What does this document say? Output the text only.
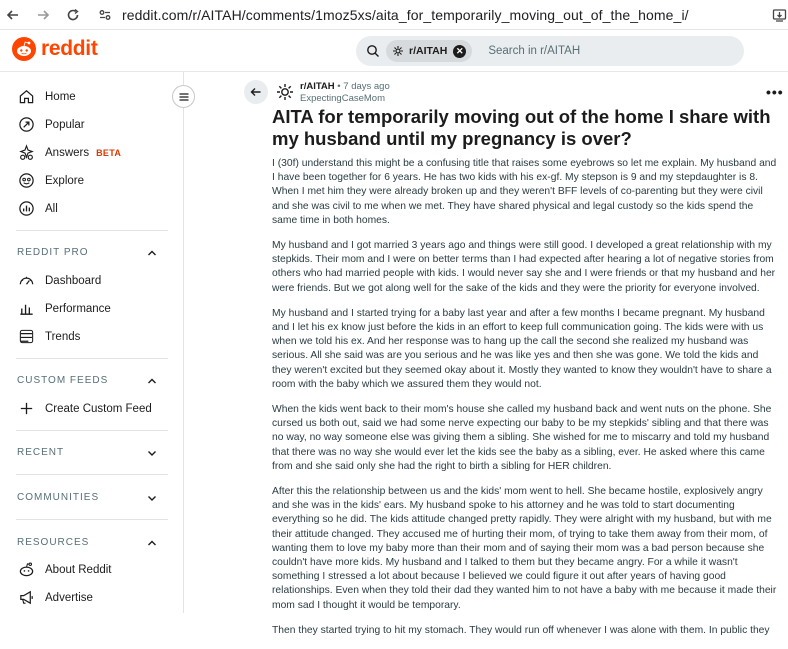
reddit.com/r/AITAH/comments/1moz5xs/aita_for_temporarily_moving_out_of_the_home_i/
reddit	r/AITAH ✕ Search in r/AITAH
Home
Popular
Answers BETA
Explore
All
REDDIT PRO
Dashboard
Performance
Trends
CUSTOM FEEDS
Create Custom Feed
RECENT
COMMUNITIES
RESOURCES
About Reddit
Advertise
r/AITAH • 7 days ago
ExpectingCaseMom	•••
AITA for temporarily moving out of the home I share with my husband until my pregnancy is over?

I (30f) understand this might be a confusing title that raises some eyebrows so let me explain. My husband and I have been together for 6 years. He has two kids with his ex-gf. My stepson is 9 and my stepdaughter is 8. When I met him they were already broken up and they weren't BFF levels of co-parenting but they were civil and she was civil to me when we met. They have shared physical and legal custody so the kids spend the same time in both homes.

My husband and I got married 3 years ago and things were still good. I developed a great relationship with my stepkids. Their mom and I were on better terms than I had expected after hearing a lot of negative stories from others who had married people with kids. I would never say she and I were friends or that my husband and her were friends. But we got along well for the sake of the kids and they were the priority for everyone involved.

My husband and I started trying for a baby last year and after a few months I became pregnant. My husband and I let his ex know just before the kids in an effort to keep full communication going. The kids were with us when we told his ex. And her response was to hang up the call the second she realized my husband was serious. All she said was are you serious and he was like yes and then she was gone. We told the kids and they weren't excited but they seemed okay about it. Mostly they wanted to know they wouldn't have to share a room with the baby which we assured them they would not.

When the kids went back to their mom's house she called my husband back and went nuts on the phone. She cursed us both out, said we had some nerve expecting our baby to be my stepkids' sibling and that there was no way, no way someone else was giving them a sibling. She wished for me to miscarry and told my husband that there was no way she would ever let the kids see the baby as a sibling, ever. He asked where this came from and she said only she had the right to birth a sibling for HER children.

After this the relationship between us and the kids' mom went to hell. She became hostile, explosively angry and she was in the kids' ears. My husband spoke to his attorney and he was told to start documenting everything so he did. The kids attitude changed pretty rapidly. They were alright with my husband, but with me their attitude changed. They accused me of hurting their mom, of trying to take them away from their mom, of wanting them to love my baby more than their mom and of saying their mom was a bad person because she couldn't have more kids. My husband and I talked to them but they became angry. For a while it wasn't something I stressed a lot about because I believed we could figure it out after years of having good relationships. Even when they told their dad they wanted him to not have a baby with me because it made their mom sad I thought it would be temporary.

Then they started trying to hit my stomach. They would run off whenever I was alone with them. In public they
